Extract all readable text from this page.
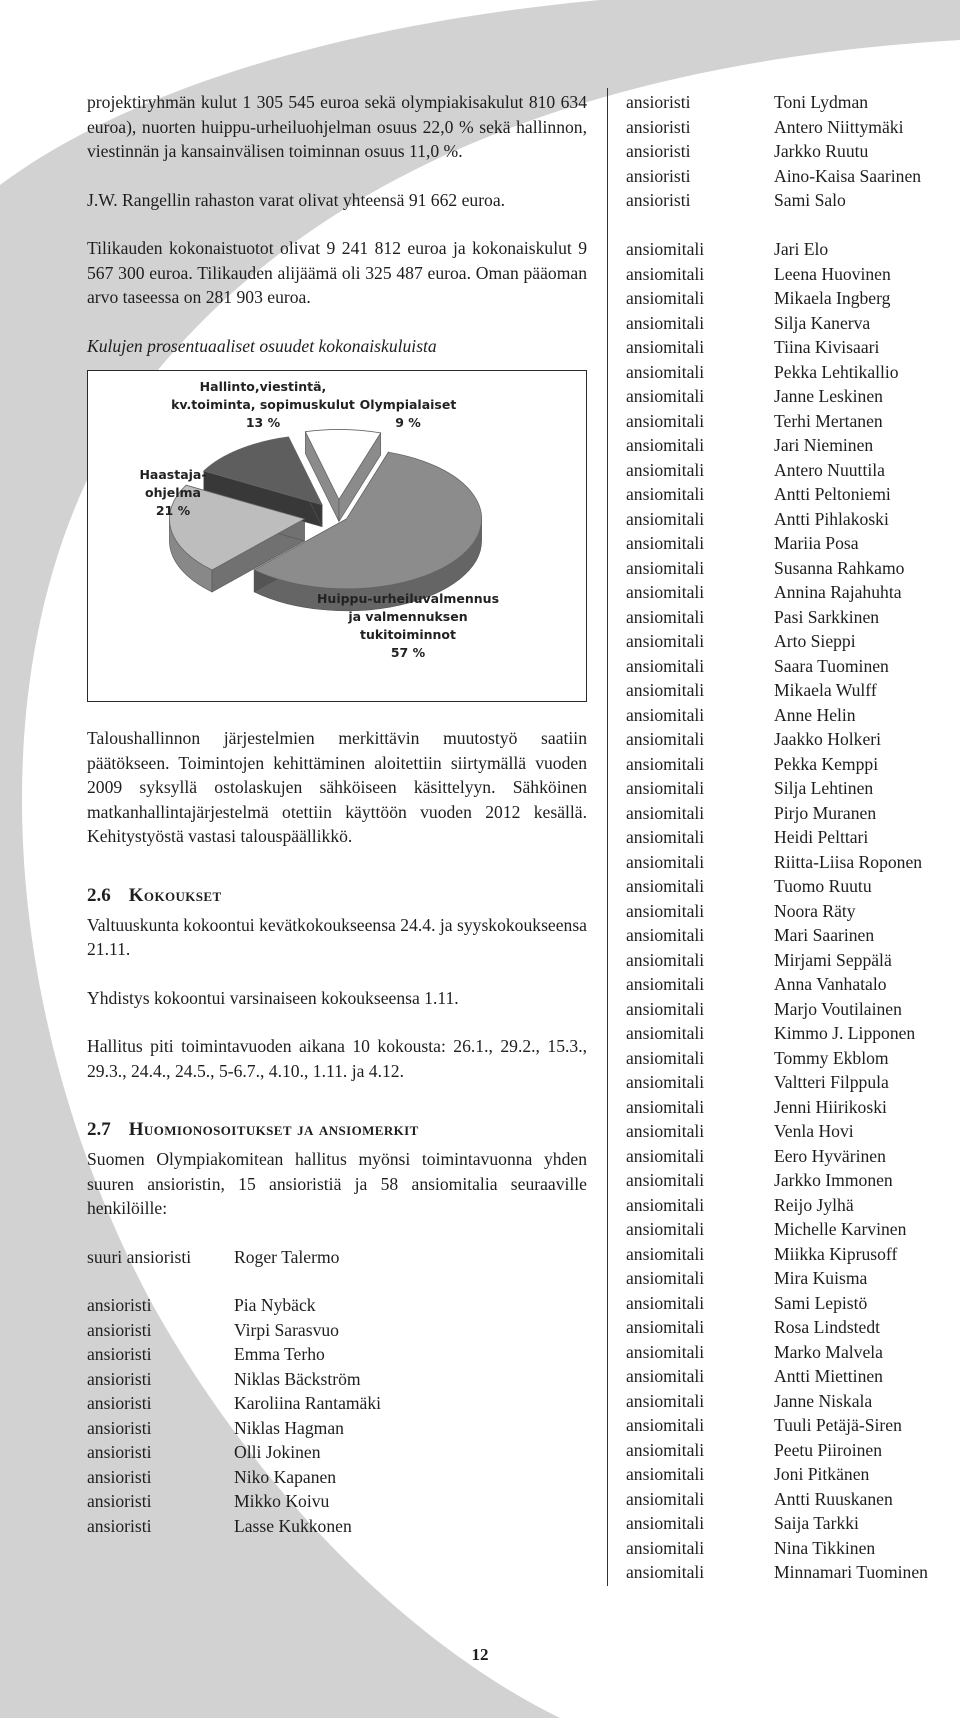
projektiryhmän kulut 1 305 545 euroa sekä olympiakisakulut 810 634 euroa), nuorten huippu-urheiluohjelman osuus 22,0 % sekä hallinnon, viestinnän ja kansainvälisen toiminnan osuus 11,0 %.

J.W. Rangellin rahaston varat olivat yhteensä 91 662 euroa.

Tilikauden kokonaistuotot olivat 9 241 812 euroa ja kokonaiskulut 9 567 300 euroa. Tilikauden alijäämä oli 325 487 euroa. Oman pääoman arvo taseessa on 281 903 euroa.

Kulujen prosentuaaliset osuudet kokonaiskuluista

Huippu-urheiluvalmennus ja valmennuksen tukitoiminnot 57 %
Haastaja-ohjelma 21 %
Hallinto,viestintä, kv.toiminta, sopimuskulut 13 %
Olympialaiset 9 %

Taloushallinnon järjestelmien merkittävin muutostyö saatiin päätökseen. Toimintojen kehittäminen aloitettiin siirtymällä vuoden 2009 syksyllä ostolaskujen sähköiseen käsittelyyn. Sähköinen matkanhallintajärjestelmä otettiin käyttöön vuoden 2012 kesällä. Kehitystyöstä vastasi talouspäällikkö.

2.6 Kokoukset

Valtuuskunta kokoontui kevätkokoukseensa 24.4. ja syyskokoukseensa 21.11.

Yhdistys kokoontui varsinaiseen kokoukseensa 1.11.

Hallitus piti toimintavuoden aikana 10 kokousta: 26.1., 29.2., 15.3., 29.3., 24.4., 24.5., 5-6.7., 4.10., 1.11. ja 4.12.

2.7 Huomionosoitukset ja ansiomerkit

Suomen Olympiakomitean hallitus myönsi toimintavuonna yhden suuren ansioristin, 15 ansioristiä ja 58 ansiomitalia seuraaville henkilöille:

suuri ansioristi	Roger Talermo
ansioristi	Pia Nybäck
ansioristi	Virpi Sarasvuo
ansioristi	Emma Terho
ansioristi	Niklas Bäckström
ansioristi	Karoliina Rantamäki
ansioristi	Niklas Hagman
ansioristi	Olli Jokinen
ansioristi	Niko Kapanen
ansioristi	Mikko Koivu
ansioristi	Lasse Kukkonen
ansioristi	Toni Lydman
ansioristi	Antero Niittymäki
ansioristi	Jarkko Ruutu
ansioristi	Aino-Kaisa Saarinen
ansioristi	Sami Salo
ansiomitali	Jari Elo
ansiomitali	Leena Huovinen
ansiomitali	Mikaela Ingberg
ansiomitali	Silja Kanerva
ansiomitali	Tiina Kivisaari
ansiomitali	Pekka Lehtikallio
ansiomitali	Janne Leskinen
ansiomitali	Terhi Mertanen
ansiomitali	Jari Nieminen
ansiomitali	Antero Nuuttila
ansiomitali	Antti Peltoniemi
ansiomitali	Antti Pihlakoski
ansiomitali	Mariia Posa
ansiomitali	Susanna Rahkamo
ansiomitali	Annina Rajahuhta
ansiomitali	Pasi Sarkkinen
ansiomitali	Arto Sieppi
ansiomitali	Saara Tuominen
ansiomitali	Mikaela Wulff
ansiomitali	Anne Helin
ansiomitali	Jaakko Holkeri
ansiomitali	Pekka Kemppi
ansiomitali	Silja Lehtinen
ansiomitali	Pirjo Muranen
ansiomitali	Heidi Pelttari
ansiomitali	Riitta-Liisa Roponen
ansiomitali	Tuomo Ruutu
ansiomitali	Noora Räty
ansiomitali	Mari Saarinen
ansiomitali	Mirjami Seppälä
ansiomitali	Anna Vanhatalo
ansiomitali	Marjo Voutilainen
ansiomitali	Kimmo J. Lipponen
ansiomitali	Tommy Ekblom
ansiomitali	Valtteri Filppula
ansiomitali	Jenni Hiirikoski
ansiomitali	Venla Hovi
ansiomitali	Eero Hyvärinen
ansiomitali	Jarkko Immonen
ansiomitali	Reijo Jylhä
ansiomitali	Michelle Karvinen
ansiomitali	Miikka Kiprusoff
ansiomitali	Mira Kuisma
ansiomitali	Sami Lepistö
ansiomitali	Rosa Lindstedt
ansiomitali	Marko Malvela
ansiomitali	Antti Miettinen
ansiomitali	Janne Niskala
ansiomitali	Tuuli Petäjä-Siren
ansiomitali	Peetu Piiroinen
ansiomitali	Joni Pitkänen
ansiomitali	Antti Ruuskanen
ansiomitali	Saija Tarkki
ansiomitali	Nina Tikkinen
ansiomitali	Minnamari Tuominen
12
